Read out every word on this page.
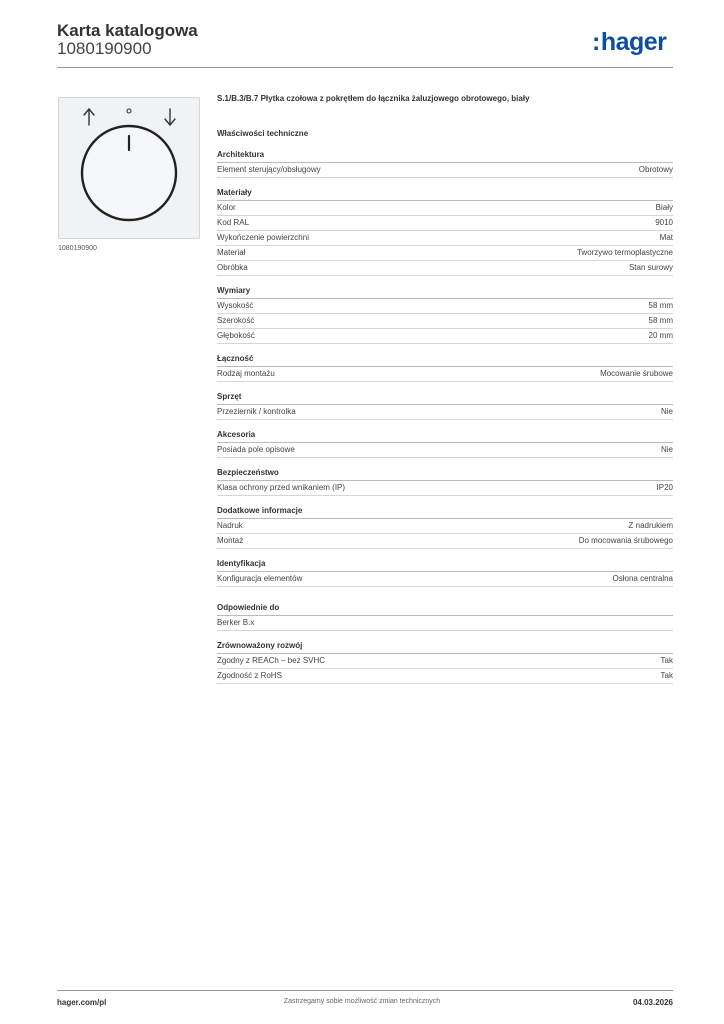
Karta katalogowa
1080190900	:hager
1080190900
S.1/B.3/B.7 Płytka czołowa z pokrętłem do łącznika żaluzjowego obrotowego, biały
Właściwości techniczne
Architektura
Element sterujący/obsługowy	Obrotowy
Materiały
Kolor	Biały
Kod RAL	9010
Wykończenie powierzchni	Mat
Materiał	Tworzywo termoplastyczne
Obróbka	Stan surowy
Wymiary
Wysokość	58 mm
Szerokość	58 mm
Głębokość	20 mm
Łączność
Rodzaj montażu	Mocowanie śrubowe
Sprzęt
Przeziernik / kontrolka	Nie
Akcesoria
Posiada pole opisowe	Nie
Bezpieczeństwo
Klasa ochrony przed wnikaniem (IP)	IP20
Dodatkowe informacje
Nadruk	Z nadrukiem
Montaż	Do mocowania śrubowego
Identyfikacja
Konfiguracja elementów	Osłona centralna
Odpowiednie do
Berker B.x
Zrównoważony rozwój
Zgodny z REACh – bez SVHC	Tak
Zgodność z RoHS	Tak
hager.com/pl	Zastrzegamy sobie możliwość zmian technicznych	04.03.2026
